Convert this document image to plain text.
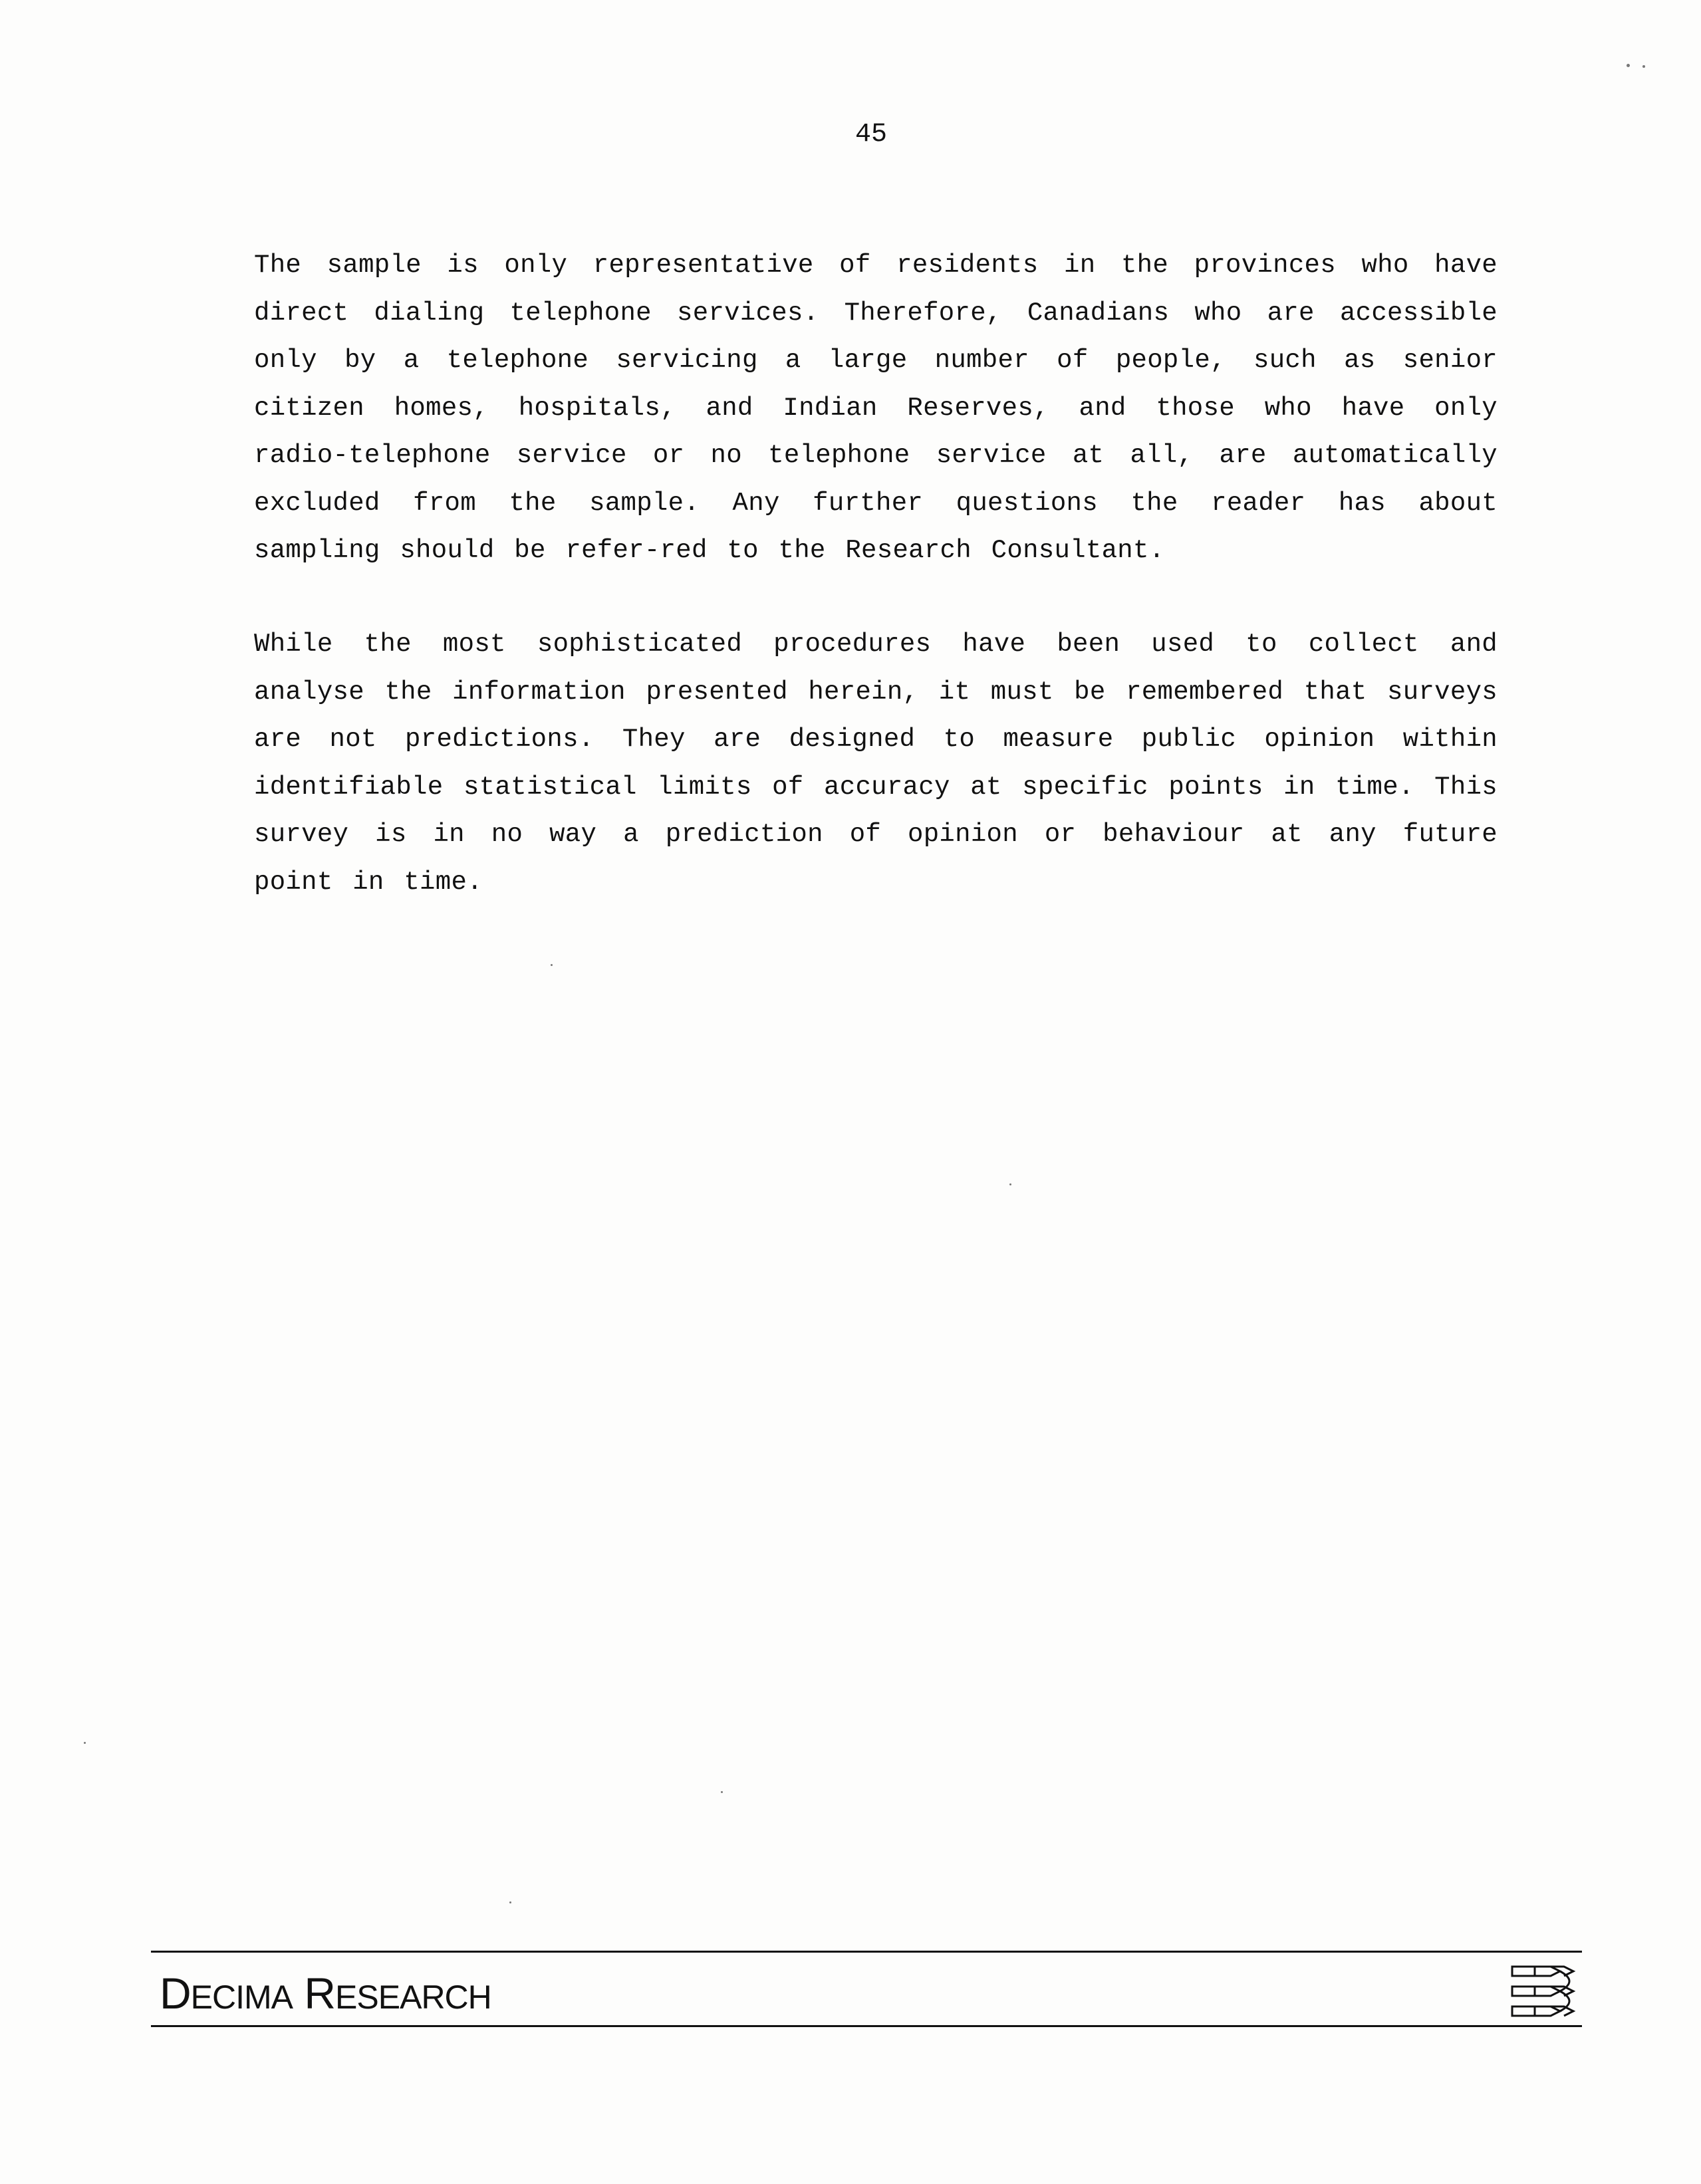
45
The sample is only representative of residents in the provinces who have direct dialing telephone services. Therefore, Canadians who are accessible only by a telephone servicing a large number of people, such as senior citizen homes, hospitals, and Indian Reserves, and those who have only radio-telephone service or no telephone service at all, are automatically excluded from the sample. Any further questions the reader has about sampling should be refer-red to the Research Consultant.
While the most sophisticated procedures have been used to collect and analyse the information presented herein, it must be remembered that surveys are not predictions. They are designed to measure public opinion within identifiable statistical limits of accuracy at specific points in time. This survey is in no way a prediction of opinion or behaviour at any future point in time.
DECIMA RESEARCH
